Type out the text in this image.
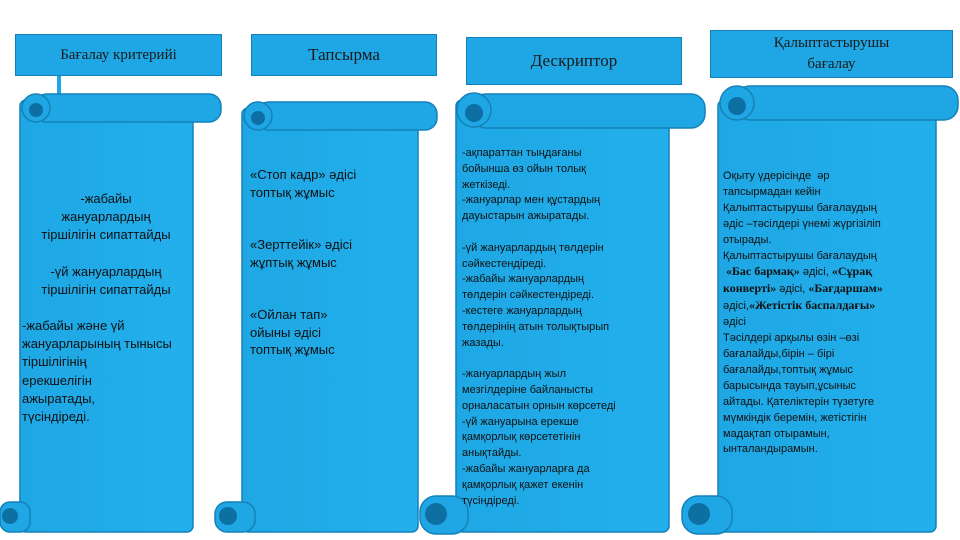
Бағалау критерийі	Тапсырма	Дескриптор
Қалыптастырушы
бағалау
-жабайы
жануарлардың
тіршілігін сипаттайды
-үй жануарлардың
тіршілігін сипаттайды
-жабайы және үй
жануарларының тынысы
тіршілігінің
ерекшелігін
ажыратады,
түсіндіреді.
«Стоп кадр» әдісі
топтық жұмыс

«Зерттейік» әдісі
жұптық жұмыс

«Ойлан тап»
ойыны әдісі
топтық жұмыс
-ақпараттан тыңдағаны
бойынша өз ойын толық
жеткізеді.
-жануарлар мен құстардың
дауыстарын ажыратады.

-үй жануарлардың төлдерін
сәйкестендіреді.
-жабайы жануарлардың
төлдерін сәйкестендіреді.
-кестеге жануарлардың
төлдерінің атын толықтырып
жазады.

-жануарлардың жыл
мезгілдеріне байланысты
орналасатын орнын көрсетеді
-үй жануарына ерекше
қамқорлық көрсететінін
анықтайды.
-жабайы жануарларға да
қамқорлық қажет екенін
түсіндіреді.
Оқыту үдерісінде  әр
тапсырмадан кейін
Қалыптастырушы бағалаудың
әдіс –тәсілдері үнемі жүргізіліп
отырады.
Қалыптастырушы бағалаудың
«Бас бармақ» әдісі, «Сұрақ
конверті» әдісі, «Бағдаршам»
әдісі,«Жетістік баспалдағы»
әдісі
Тәсілдері арқылы өзін –өзі
бағалайды,бірін – бірі
бағалайды,топтық жұмыс
барысында тауып,ұсыныс
айтады. Қателіктерін түзетуге
мүмкіндік беремін, жетістігін
мадақтап отырамын,
ынталандырамын.
